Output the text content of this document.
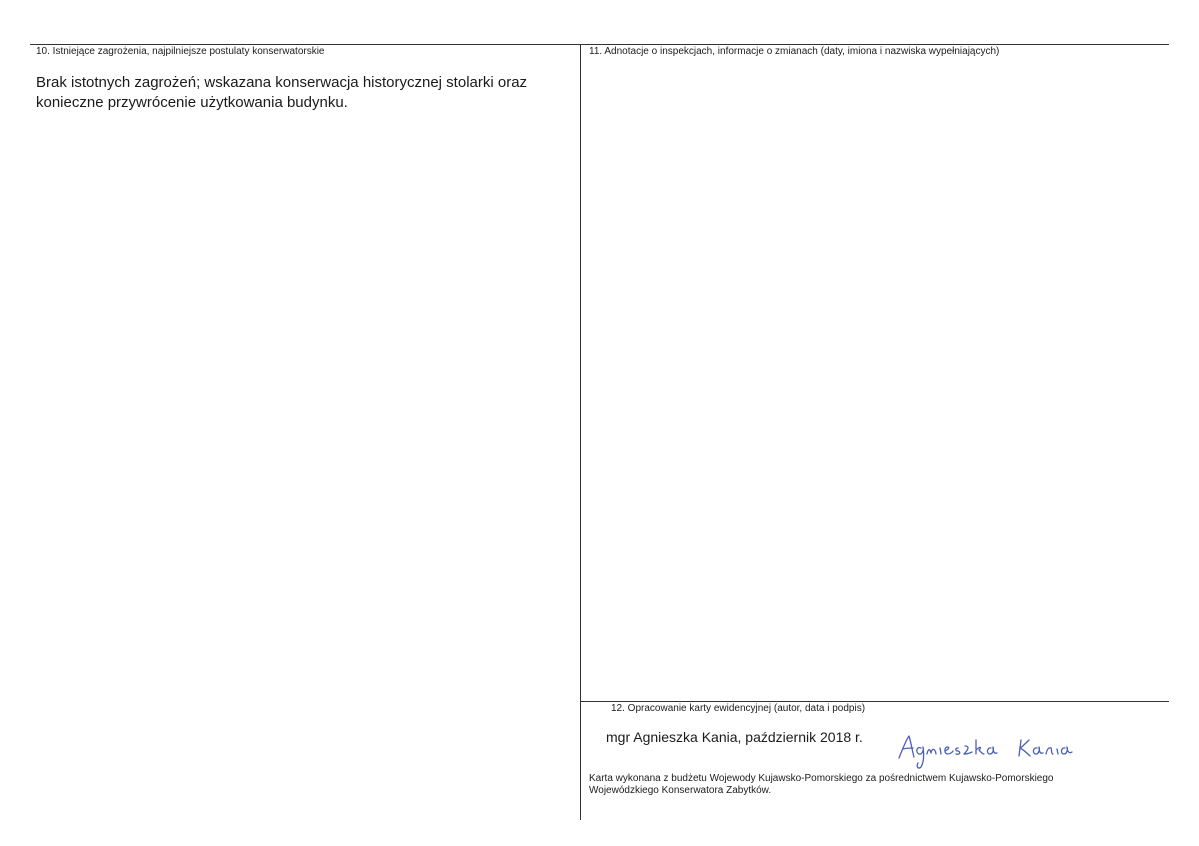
10. Istniejące zagrożenia, najpilniejsze postulaty konserwatorskie
Brak istotnych zagrożeń; wskazana konserwacja historycznej stolarki oraz
konieczne przywrócenie użytkowania budynku.
11. Adnotacje o inspekcjach, informacje o zmianach (daty, imiona i nazwiska wypełniających)
12. Opracowanie karty ewidencyjnej (autor, data i podpis)
mgr Agnieszka Kania, październik 2018 r.
Karta wykonana z budżetu Wojewody Kujawsko-Pomorskiego za pośrednictwem Kujawsko-Pomorskiego
Wojewódzkiego Konserwatora Zabytków.
